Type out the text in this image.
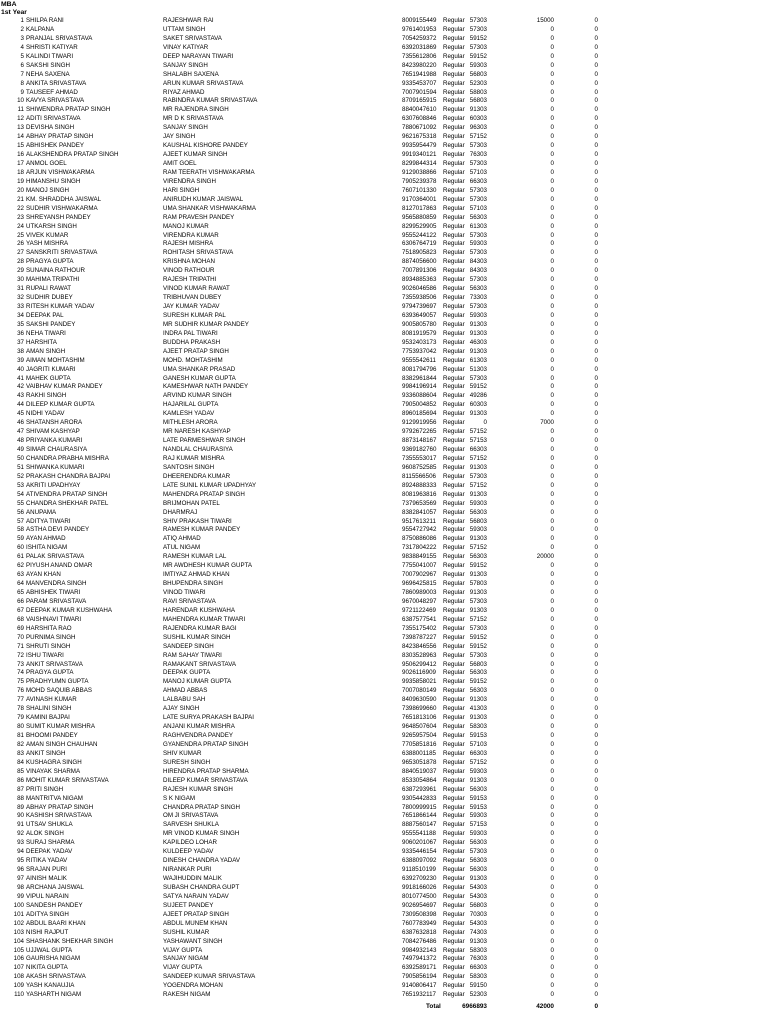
MBA
1st Year
1 SHILPA RANI	RAJESHWAR RAI	8009155449 Regular 57303	15000	0
2 KALPANA	UTTAM SINGH	9761401953 Regular 57303	0	0
3 PRANJAL SRIVASTAVA	SAKET SRIVASTAVA	7054259372 Regular 59152	0	0
4 SHRISTI KATIYAR	VINAY KATIYAR	6392031869 Regular 57303	0	0
5 KALINDI TIWARI	DEEP NARAYAN TIWARI	7355612806 Regular 59152	0	0
6 SAKSHI SINGH	SANJAY SINGH	8423980220 Regular 59303	0	0
7 NEHA SAXENA	SHALABH SAXENA	7651941988 Regular 56803	0	0
8 ANKITA SRIVASTAVA	ARUN KUMAR SRIVASTAVA	9335453707 Regular 52303	0	0
9 TAUSEEF AHMAD	RIYAZ AHMAD	7007901594 Regular 58803	0	0
10 KAVYA SRIVASTAVA	RABINDRA KUMAR SRIVASTAVA	8709165915 Regular 56803	0	0
11 SHIWENDRA PRATAP SINGH	MR RAJENDRA SINGH	8840047610 Regular 91303	0	0
12 ADITI SRIVASTAVA	MR D K SRIVASTAVA	6307608846 Regular 60303	0	0
13 DEVISHA SINGH	SANJAY SINGH	7880671092 Regular 96303	0	0
14 ABHAY PRATAP SINGH	JAY SINGH	9621675318 Regular 57152	0	0
15 ABHISHEK PANDEY	KAUSHAL KISHORE PANDEY	9935954479 Regular 57303	0	0
16 ALAKSHENDRA PRATAP SINGH	AJEET KUMAR SINGH	9919340121 Regular 76303	0	0
17 ANMOL GOEL	AMIT GOEL	8299844314 Regular 57303	0	0
18 ARJUN VISHWAKARMA	RAM TEERATH VISHWAKARMA	9129038866 Regular 57103	0	0
19 HIMANSHU SINGH	VIRENDRA SINGH	7905239378 Regular 66303	0	0
20 MANOJ SINGH	HARI SINGH	7607101330 Regular 57303	0	0
21 KM. SHRADDHA JAISWAL	ANIRUDH KUMAR JAISWAL	9170364001 Regular 57303	0	0
22 SUDHIR VISHWAKARMA	UMA SHANKAR VISHWAKARMA	8127017863 Regular 57103	0	0
23 SHREYANSH PANDEY	RAM PRAVESH PANDEY	9565880859 Regular 56303	0	0
24 UTKARSH SINGH	MANOJ KUMAR	8299529905 Regular 61303	0	0
25 VIVEK KUMAR	VIRENDRA KUMAR	9555244122 Regular 57303	0	0
26 YASH MISHRA	RAJESH MISHRA	6306764719 Regular 59303	0	0
27 SANSKRITI SRIVASTAVA	ROHITASH SRIVASTAVA	7518905823 Regular 57303	0	0
28 PRAGYA GUPTA	KRISHNA MOHAN	8874056600 Regular 84303	0	0
29 SUNAINA RATHOUR	VINOD RATHOUR	7007891306 Regular 84303	0	0
30 MAHIMA TRIPATHI	RAJESH TRIPATHI	8934885363 Regular 57303	0	0
31 RUPALI RAWAT	VINOD KUMAR RAWAT	9026046586 Regular 56303	0	0
32 SUDHIR DUBEY	TRIBHUVAN DUBEY	7355938506 Regular 73303	0	0
33 RITESH KUMAR YADAV	JAY KUMAR YADAV	9794739697 Regular 57303	0	0
34 DEEPAK PAL	SURESH KUMAR PAL	6393649057 Regular 59303	0	0
35 SAKSHI PANDEY	MR SUDHIR KUMAR PANDEY	9005805780 Regular 91303	0	0
36 NEHA TIWARI	INDRA PAL TIWARI	8081919579 Regular 91303	0	0
37 HARSHITA	BUDDHA PRAKASH	9532403173 Regular 46303	0	0
38 AMAN SINGH	AJEET PRATAP SINGH	7753937042 Regular 91303	0	0
39 AIMAN MOHTASHIM	MOHD. MOHTASHIM	9555542611 Regular 61303	0	0
40 JAGRITI KUMARI	UMA SHANKAR PRASAD	8081794796 Regular 51303	0	0
41 MAHEK GUPTA	GANESH KUMAR GUPTA	8382961844 Regular 57303	0	0
42 VAIBHAV KUMAR PANDEY	KAMESHWAR NATH PANDEY	9984196914 Regular 59152	0	0
43 RAKHI SINGH	ARVIND KUMAR SINGH	9336088604 Regular 49286	0	0
44 DILEEP KUMAR GUPTA	HAJARILAL GUPTA	7905004852 Regular 60303	0	0
45 NIDHI YADAV	KAMLESH YADAV	8960185694 Regular 91303	0	0
46 SHATANSH ARORA	MITHLESH ARORA	9129919956 Regular	0	7000	0
47 SHIVAM KASHYAP	MR NARESH KASHYAP	9792672265 Regular 57152	0	0
48 PRIYANKA KUMARI	LATE PARMESHWAR SINGH	8873148167 Regular 57153	0	0
49 SIMAR CHAURASIYA	NANDLAL CHAURASIYA	9369182760 Regular 66303	0	0
50 CHANDRA PRABHA MISHRA	RAJ KUMAR MISHRA	7355553017 Regular 57152	0	0
51 SHIWANKA KUMARI	SANTOSH SINGH	9608752585 Regular 91303	0	0
52 PRAKASH CHANDRA BAJPAI	DHEERENDRA KUMAR	8115566506 Regular 57303	0	0
53 AKRITI UPADHYAY	LATE SUNIL KUMAR UPADHYAY	8924888333 Regular 57152	0	0
54 ATIVENDRA PRATAP SINGH	MAHENDRA PRATAP SINGH	8081963816 Regular 91303	0	0
55 CHANDRA SHEKHAR PATEL	BRIJMOHAN PATEL	7379653569 Regular 59303	0	0
56 ANUPAMA	DHARMRAJ	8382841057 Regular 56303	0	0
57 ADITYA TIWARI	SHIV PRAKASH TIWARI	9517613211 Regular 56803	0	0
58 ASTHA DEVI PANDEY	RAMESH KUMAR PANDEY	9554727942 Regular 59303	0	0
59 AYAN AHMAD	ATIQ AHMAD	8750886086 Regular 91303	0	0
60 ISHITA NIGAM	ATUL NIGAM	7317804222 Regular 57152	0	0
61 PALAK SRIVASTAVA	RAMESH KUMAR LAL	9838849155 Regular 56303	20000	0
62 PIYUSH ANAND OMAR	MR AWDHESH KUMAR GUPTA	7755041007 Regular 59152	0	0
63 AYAN KHAN	IMTIYAZ AHMAD KHAN	7007902967 Regular 91303	0	0
64 MANVENDRA SINGH	BHUPENDRA SINGH	9696425815 Regular 57803	0	0
65 ABHISHEK TIWARI	VINOD TIWARI	7860989003 Regular 91303	0	0
66 PARAM SRIVASTAVA	RAVI SRIVASTAVA	9670048297 Regular 57303	0	0
67 DEEPAK KUMAR KUSHWAHA	HARENDAR KUSHWAHA	9721122469 Regular 91303	0	0
68 VAISHNAVI TIWARI	MAHENDRA KUMAR TIWARI	6387577541 Regular 57152	0	0
69 HARSHITA RAO	RAJENDRA KUMAR BAGI	7355175402 Regular 57303	0	0
70 PURNIMA SINGH	SUSHIL KUMAR SINGH	7398787227 Regular 59152	0	0
71 SHRUTI SINGH	SANDEEP SINGH	8423846556 Regular 59152	0	0
72 ISHU TIWARI	RAM SAHAY TIWARI	8303528963 Regular 57303	0	0
73 ANKIT SRIVASTAVA	RAMAKANT SRIVASTAVA	9506299412 Regular 56803	0	0
74 PRAGYA GUPTA	DEEPAK GUPTA	9026116909 Regular 56303	0	0
75 PRADHYUMN GUPTA	MANOJ KUMAR GUPTA	9935858021 Regular 59152	0	0
76 MOHD SAQUIB ABBAS	AHMAD ABBAS	7007080149 Regular 56303	0	0
77 AVINASH KUMAR	LALBABU SAH	8409630590 Regular 91303	0	0
78 SHALINI SINGH	AJAY SINGH	7398699660 Regular 41303	0	0
79 KAMINI BAJPAI	LATE SURYA PRAKASH BAJPAI	7651813106 Regular 91303	0	0
80 SUMIT KUMAR MISHRA	ANJANI KUMAR MISHRA	9648507604 Regular 58303	0	0
81 BHOOMI PANDEY	RAGHVENDRA PANDEY	9265957504 Regular 59153	0	0
82 AMAN SINGH CHAUHAN	GYANENDRA PRATAP SINGH	7705851816 Regular 57103	0	0
83 ANKIT SINGH	SHIV KUMAR	6388001185 Regular 66303	0	0
84 KUSHAGRA SINGH	SURESH SINGH	9653051878 Regular 57152	0	0
85 VINAYAK SHARMA	HIRENDRA PRATAP SHARMA	8840519037 Regular 59303	0	0
86 MOHIT KUMAR SRIVASTAVA	DILEEP KUMAR SRIVASTAVA	8533054864 Regular 91303	0	0
87 PRITI SINGH	RAJESH KUMAR SINGH	6387293961 Regular 56303	0	0
88 MANTRITVA NIGAM	S K NIGAM	9305442833 Regular 59153	0	0
89 ABHAY PRATAP SINGH	CHANDRA PRATAP SINGH	7800999915 Regular 59153	0	0
90 KASHISH SRIVASTAVA	OM JI SRIVASTAVA	7651866144 Regular 59303	0	0
91 UTSAV SHUKLA	SARVESH SHUKLA	8887560147 Regular 57153	0	0
92 ALOK SINGH	MR VINOD KUMAR SINGH	9555541188 Regular 59303	0	0
93 SURAJ SHARMA	KAPILDEO LOHAR	9060201067 Regular 56303	0	0
94 DEEPAK YADAV	KULDEEP YADAV	9335446154 Regular 57303	0	0
95 RITIKA YADAV	DINESH CHANDRA YADAV	6388097092 Regular 56303	0	0
96 SRAJAN PURI	NIRANKAR PURI	9118510199 Regular 56303	0	0
97 AINISH MALIK	WAJIHUDDIN MALIK	6392709230 Regular 91303	0	0
98 ARCHANA JAISWAL	SUBASH CHANDRA GUPT	9918166026 Regular 54303	0	0
99 VIPUL NARAIN	SATYA NARAIN YADAV	8010774500 Regular 54303	0	0
100 SANDESH PANDEY	SUJEET PANDEY	9026954697 Regular 56803	0	0
101 ADITYA SINGH	AJEET PRATAP SINGH	7309508398 Regular 70303	0	0
102 ABDUL BAARI KHAN	ABDUL MUNEM KHAN	7607783949 Regular 54303	0	0
103 NISHI RAJPUT	SUSHIL KUMAR	6387632818 Regular 74303	0	0
104 SHASHANK SHEKHAR SINGH	YASHAWANT SINGH	7084276486 Regular 91303	0	0
105 UJJWAL GUPTA	VIJAY GUPTA	9984932143 Regular 58303	0	0
106 GAURISHA NIGAM	SANJAY NIGAM	7497941372 Regular 76303	0	0
107 NIKITA GUPTA	VIJAY GUPTA	6392589171 Regular 66303	0	0
108 AKASH SRIVASTAVA	SANDEEP KUMAR SRIVASTAVA	7905856194 Regular 58303	0	0
109 YASH KANAUJIA	YOGENDRA MOHAN	9140806417 Regular 59150	0	0
110 YASHARTH NIGAM	RAKESH NIGAM	7651932117 Regular 52303	0	0
Total	6966893	42000	0
